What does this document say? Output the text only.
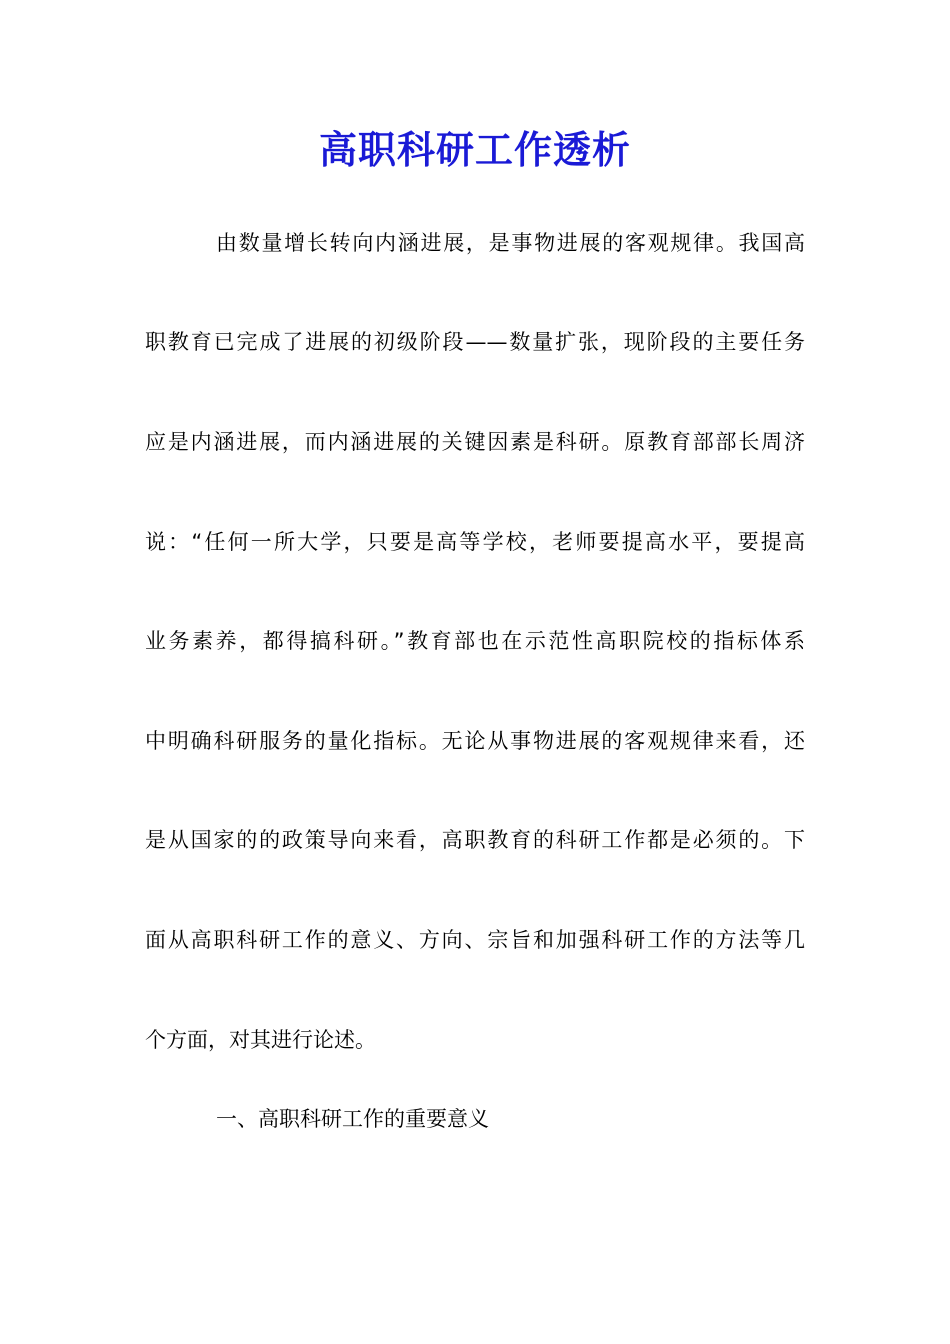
高职科研工作透析
由数量增长转向内涵进展，是事物进展的客观规律。我国高
职教育已完成了进展的初级阶段——数量扩张，现阶段的主要任务
应是内涵进展，而内涵进展的关键因素是科研。原教育部部长周济
说：“任何一所大学，只要是高等学校，老师要提高水平，要提高
业务素养，都得搞科研。”教育部也在示范性高职院校的指标体系
中明确科研服务的量化指标。无论从事物进展的客观规律来看，还
是从国家的的政策导向来看，高职教育的科研工作都是必须的。下
面从高职科研工作的意义、方向、宗旨和加强科研工作的方法等几
个方面，对其进行论述。
一、高职科研工作的重要意义
